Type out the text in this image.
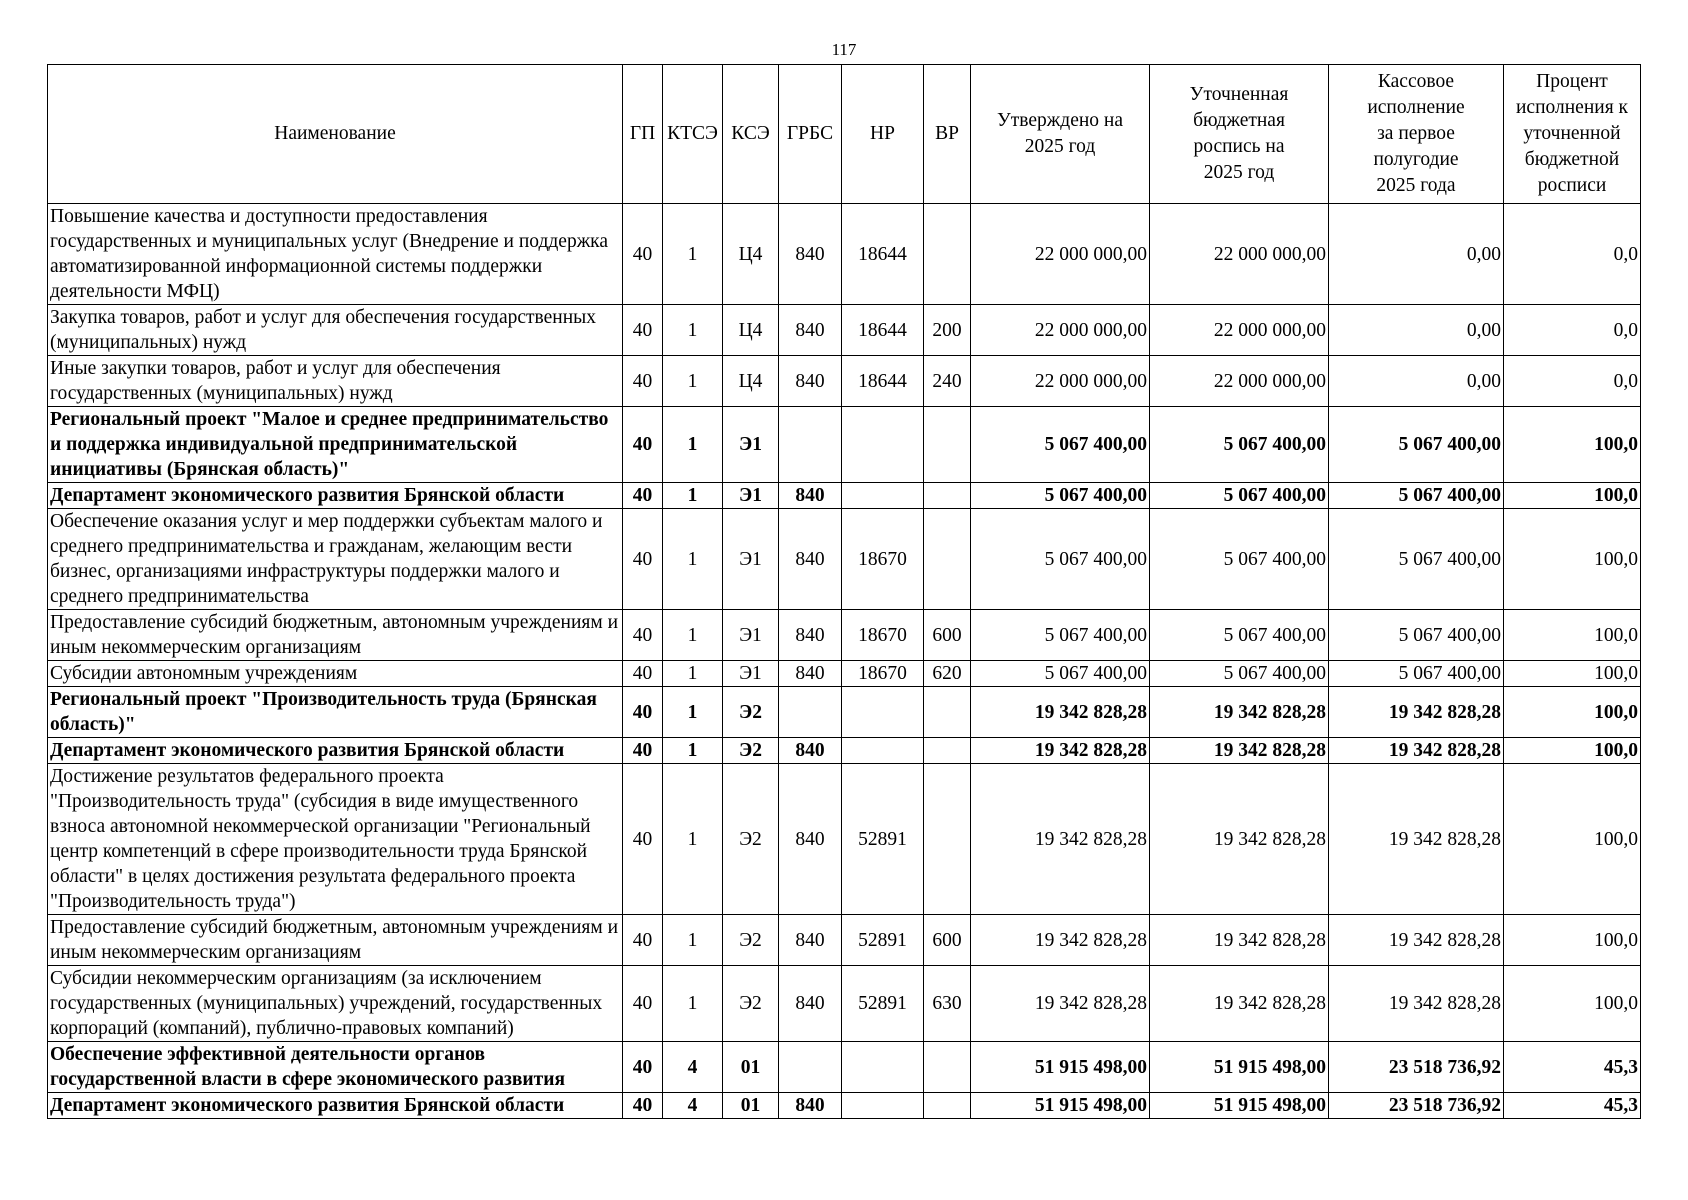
117
Наименование	ГП	КТСЭ	КСЭ	ГРБС	НР	ВР	Утверждено на 2025 год	Уточненная бюджетная роспись на 2025 год	Кассовое исполнение за первое полугодие 2025 года	Процент исполнения к уточненной бюджетной росписи
Повышение качества и доступности предоставления государственных и муниципальных услуг (Внедрение и поддержка автоматизированной информационной системы поддержки деятельности МФЦ)	40	1	Ц4	840	18644		22 000 000,00	22 000 000,00	0,00	0,0
Закупка товаров, работ и услуг для обеспечения государственных (муниципальных) нужд	40	1	Ц4	840	18644	200	22 000 000,00	22 000 000,00	0,00	0,0
Иные закупки товаров, работ и услуг для обеспечения государственных (муниципальных) нужд	40	1	Ц4	840	18644	240	22 000 000,00	22 000 000,00	0,00	0,0
Региональный проект "Малое и среднее предпринимательство и поддержка индивидуальной предпринимательской инициативы (Брянская область)"	40	1	Э1				5 067 400,00	5 067 400,00	5 067 400,00	100,0
Департамент экономического развития Брянской области	40	1	Э1	840			5 067 400,00	5 067 400,00	5 067 400,00	100,0
Обеспечение оказания услуг и мер поддержки субъектам малого и среднего предпринимательства и гражданам, желающим вести бизнес, организациями инфраструктуры поддержки малого и среднего предпринимательства	40	1	Э1	840	18670		5 067 400,00	5 067 400,00	5 067 400,00	100,0
Предоставление субсидий бюджетным, автономным учреждениям и иным некоммерческим организациям	40	1	Э1	840	18670	600	5 067 400,00	5 067 400,00	5 067 400,00	100,0
Субсидии автономным учреждениям	40	1	Э1	840	18670	620	5 067 400,00	5 067 400,00	5 067 400,00	100,0
Региональный проект "Производительность труда (Брянская область)"	40	1	Э2				19 342 828,28	19 342 828,28	19 342 828,28	100,0
Департамент экономического развития Брянской области	40	1	Э2	840			19 342 828,28	19 342 828,28	19 342 828,28	100,0
Достижение результатов федерального проекта "Производительность труда" (субсидия в виде имущественного взноса автономной некоммерческой организации "Региональный центр компетенций в сфере производительности труда Брянской области" в целях достижения результата федерального проекта "Производительность труда")	40	1	Э2	840	52891		19 342 828,28	19 342 828,28	19 342 828,28	100,0
Предоставление субсидий бюджетным, автономным учреждениям и иным некоммерческим организациям	40	1	Э2	840	52891	600	19 342 828,28	19 342 828,28	19 342 828,28	100,0
Субсидии некоммерческим организациям (за исключением государственных (муниципальных) учреждений, государственных корпораций (компаний), публично-правовых компаний)	40	1	Э2	840	52891	630	19 342 828,28	19 342 828,28	19 342 828,28	100,0
Обеспечение эффективной деятельности органов государственной власти в сфере экономического развития	40	4	01				51 915 498,00	51 915 498,00	23 518 736,92	45,3
Департамент экономического развития Брянской области	40	4	01	840			51 915 498,00	51 915 498,00	23 518 736,92	45,3
